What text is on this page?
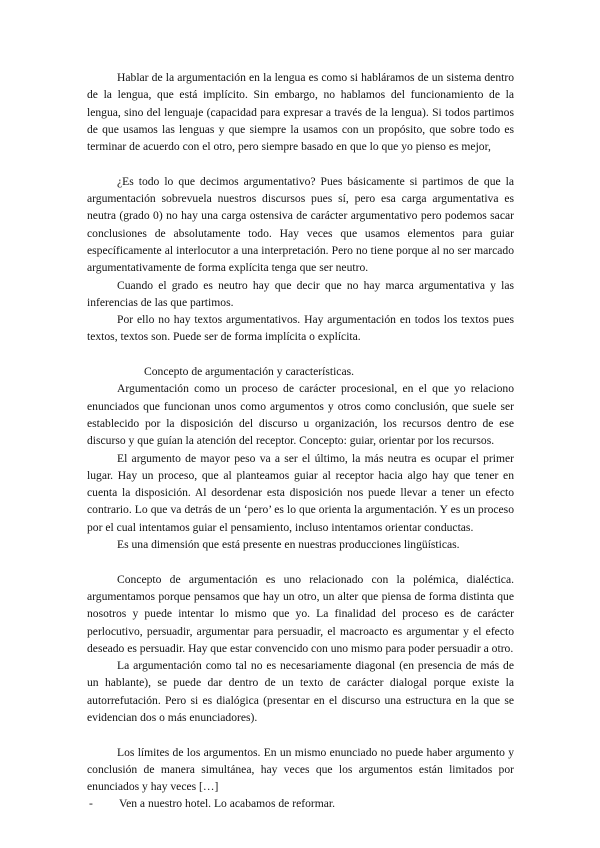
Hablar de la argumentación en la lengua es como si habláramos de un sistema dentro de la lengua, que está implícito. Sin embargo, no hablamos del funcionamiento de la lengua, sino del lenguaje (capacidad para expresar a través de la lengua). Si todos partimos de que usamos las lenguas y que siempre la usamos con un propósito, que sobre todo es terminar de acuerdo con el otro, pero siempre basado en que lo que yo pienso es mejor,

¿Es todo lo que decimos argumentativo? Pues básicamente si partimos de que la argumentación sobrevuela nuestros discursos pues sí, pero esa carga argumentativa es neutra (grado 0) no hay una carga ostensiva de carácter argumentativo pero podemos sacar conclusiones de absolutamente todo. Hay veces que usamos elementos para guiar específicamente al interlocutor a una interpretación. Pero no tiene porque al no ser marcado argumentativamente de forma explícita tenga que ser neutro.

Cuando el grado es neutro hay que decir que no hay marca argumentativa y las inferencias de las que partimos.

Por ello no hay textos argumentativos. Hay argumentación en todos los textos pues textos, textos son. Puede ser de forma implícita o explícita.

Concepto de argumentación y características.

Argumentación como un proceso de carácter procesional, en el que yo relaciono enunciados que funcionan unos como argumentos y otros como conclusión, que suele ser establecido por la disposición del discurso u organización, los recursos dentro de ese discurso y que guían la atención del receptor. Concepto: guiar, orientar por los recursos.

El argumento de mayor peso va a ser el último, la más neutra es ocupar el primer lugar. Hay un proceso, que al planteamos guiar al receptor hacia algo hay que tener en cuenta la disposición. Al desordenar esta disposición nos puede llevar a tener un efecto contrario. Lo que va detrás de un ‘pero’ es lo que orienta la argumentación. Y es un proceso por el cual intentamos guiar el pensamiento, incluso intentamos orientar conductas.

Es una dimensión que está presente en nuestras producciones lingüísticas.

Concepto de argumentación es uno relacionado con la polémica, dialéctica. argumentamos porque pensamos que hay un otro, un alter que piensa de forma distinta que nosotros y puede intentar lo mismo que yo. La finalidad del proceso es de carácter perlocutivo, persuadir, argumentar para persuadir, el macroacto es argumentar y el efecto deseado es persuadir. Hay que estar convencido con uno mismo para poder persuadir a otro.

La argumentación como tal no es necesariamente diagonal (en presencia de más de un hablante), se puede dar dentro de un texto de carácter dialogal porque existe la autorrefutación. Pero si es dialógica (presentar en el discurso una estructura en la que se evidencian dos o más enunciadores).

Los límites de los argumentos. En un mismo enunciado no puede haber argumento y conclusión de manera simultánea, hay veces que los argumentos están limitados por enunciados y hay veces […]

-	Ven a nuestro hotel. Lo acabamos de reformar.
